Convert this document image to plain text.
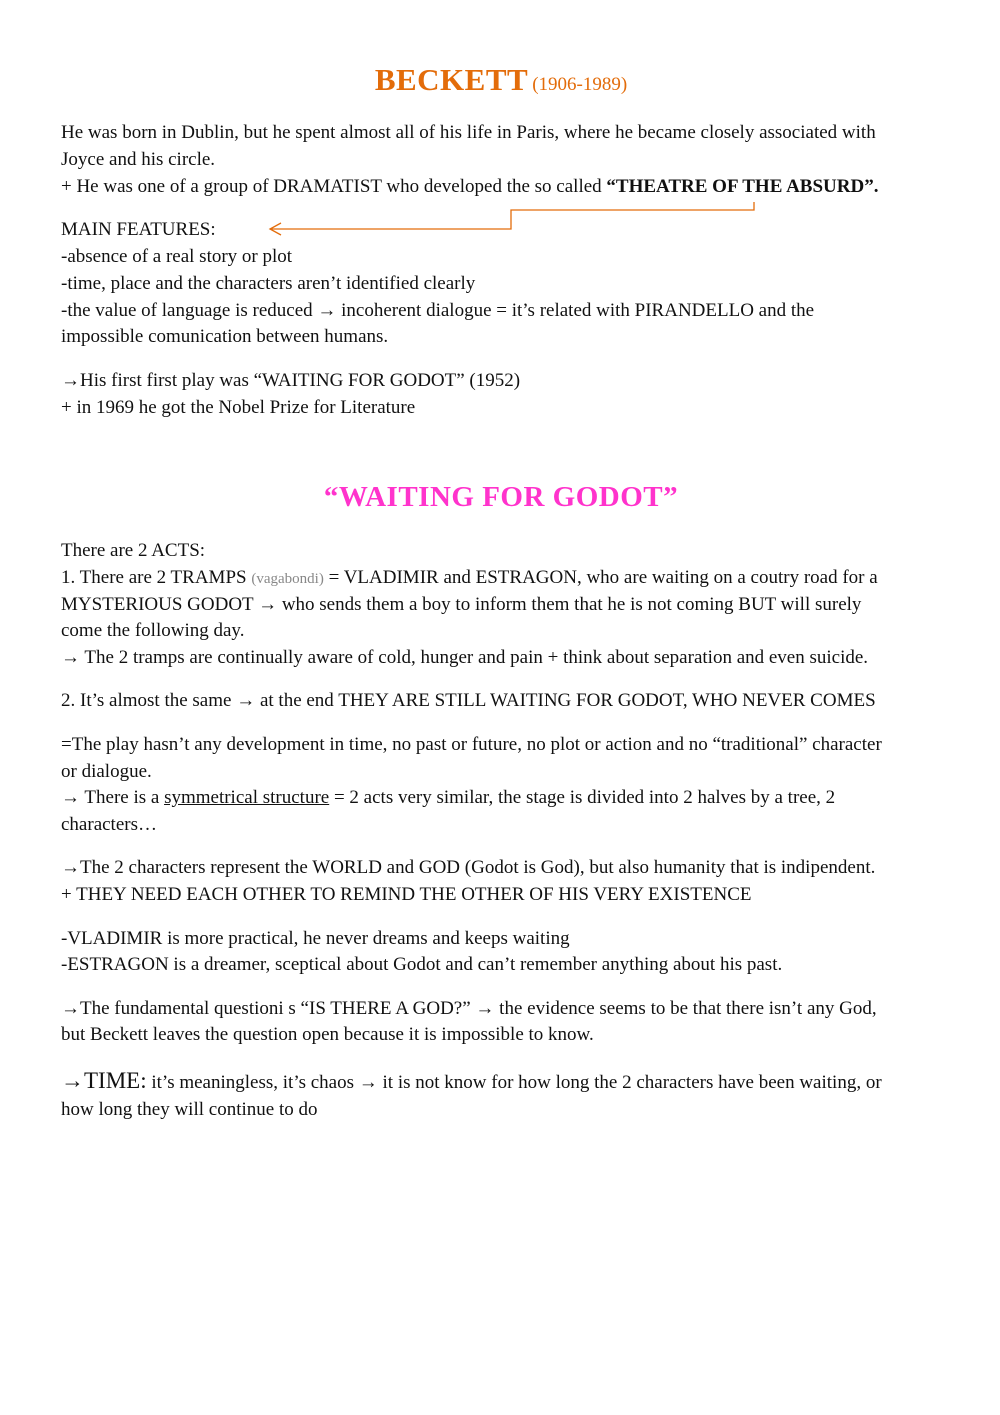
BECKETT (1906-1989)
He was born in Dublin, but he spent almost all of his life in Paris, where he became closely associated with
Joyce and his circle.
+ He was one of a group of DRAMATIST who developed the so called “THEATRE OF THE ABSURD”.
MAIN FEATURES:
-absence of a real story or plot
-time, place and the characters aren’t identified clearly
-the value of language is reduced → incoherent dialogue = it’s related with PIRANDELLO and the
impossible comunication between humans.
→His first first play was “WAITING FOR GODOT” (1952)
+ in 1969 he got the Nobel Prize for Literature
“WAITING FOR GODOT”
There are 2 ACTS:
1. There are 2 TRAMPS (vagabondi) = VLADIMIR and ESTRAGON, who are waiting on a coutry road for a
MYSTERIOUS GODOT → who sends them a boy to inform them that he is not coming BUT will surely
come the following day.
→ The 2 tramps are continually aware of cold, hunger and pain + think about separation and even suicide.
2. It’s almost the same → at the end THEY ARE STILL WAITING FOR GODOT, WHO NEVER COMES
=The play hasn’t any development in time, no past or future, no plot or action and no “traditional” character
or dialogue.
→ There is a symmetrical structure = 2 acts very similar, the stage is divided into 2 halves by a tree, 2
characters…
→The 2 characters represent the WORLD and GOD (Godot is God), but also humanity that is indipendent.
+ THEY NEED EACH OTHER TO REMIND THE OTHER OF HIS VERY EXISTENCE
-VLADIMIR is more practical, he never dreams and keeps waiting
-ESTRAGON is a dreamer, sceptical about Godot and can’t remember anything about his past.
→The fundamental questioni s “IS THERE A GOD?” → the evidence seems to be that there isn’t any God,
but Beckett leaves the question open because it is impossible to know.
→TIME: it’s meaningless, it’s chaos → it is not know for how long the 2 characters have been waiting, or
how long they will continue to do
